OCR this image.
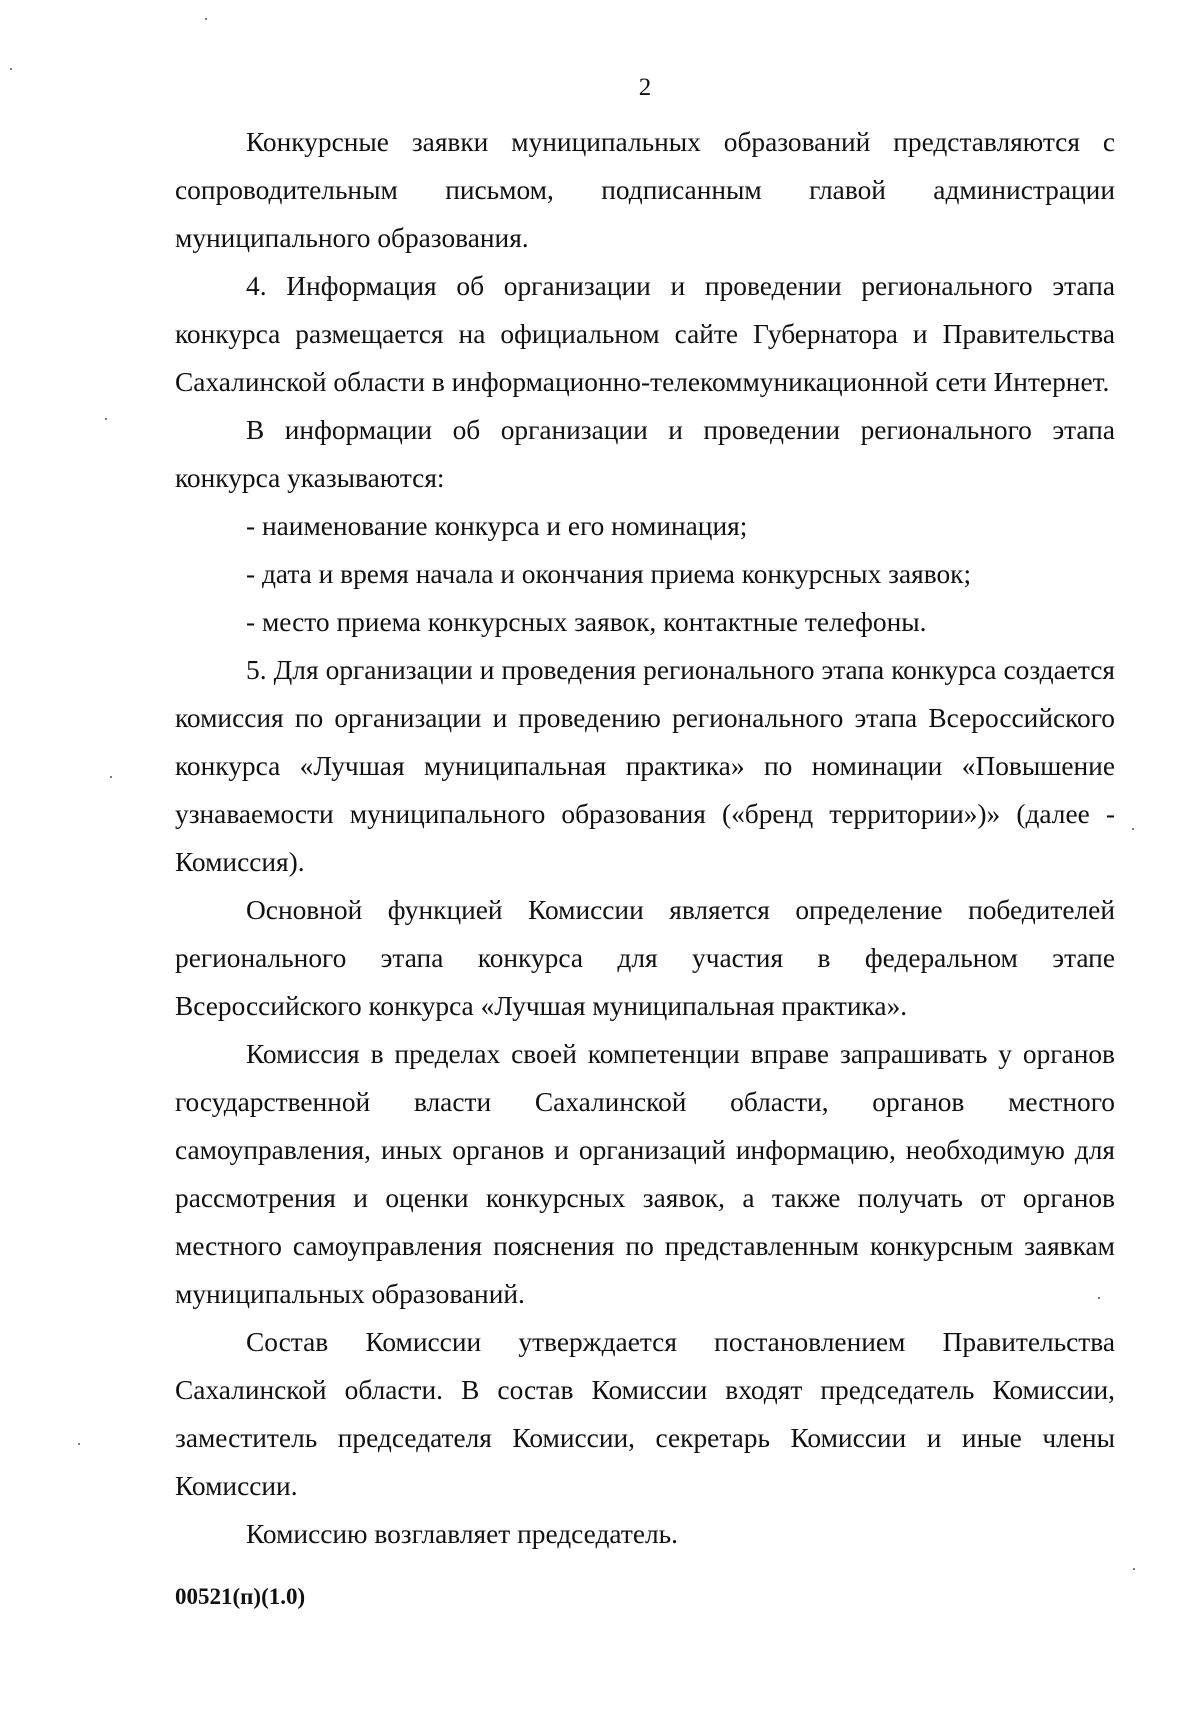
2

Конкурсные заявки муниципальных образований представляются с сопроводительным письмом, подписанным главой администрации муниципального образования.

4. Информация об организации и проведении регионального этапа конкурса размещается на официальном сайте Губернатора и Правительства Сахалинской области в информационно-телекоммуникационной сети Интернет.

В информации об организации и проведении регионального этапа конкурса указываются:

- наименование конкурса и его номинация;

- дата и время начала и окончания приема конкурсных заявок;

- место приема конкурсных заявок, контактные телефоны.

5. Для организации и проведения регионального этапа конкурса создается комиссия по организации и проведению регионального этапа Всероссийского конкурса «Лучшая муниципальная практика» по номинации «Повышение узнаваемости муниципального образования («бренд территории»)» (далее - Комиссия).

Основной функцией Комиссии является определение победителей регионального этапа конкурса для участия в федеральном этапе Всероссийского конкурса «Лучшая муниципальная практика».

Комиссия в пределах своей компетенции вправе запрашивать у органов государственной власти Сахалинской области, органов местного самоуправления, иных органов и организаций информацию, необходимую для рассмотрения и оценки конкурсных заявок, а также получать от органов местного самоуправления пояснения по представленным конкурсным заявкам муниципальных образований.

Состав Комиссии утверждается постановлением Правительства Сахалинской области. В состав Комиссии входят председатель Комиссии, заместитель председателя Комиссии, секретарь Комиссии и иные члены Комиссии.

Комиссию возглавляет председатель.

00521(п)(1.0)
